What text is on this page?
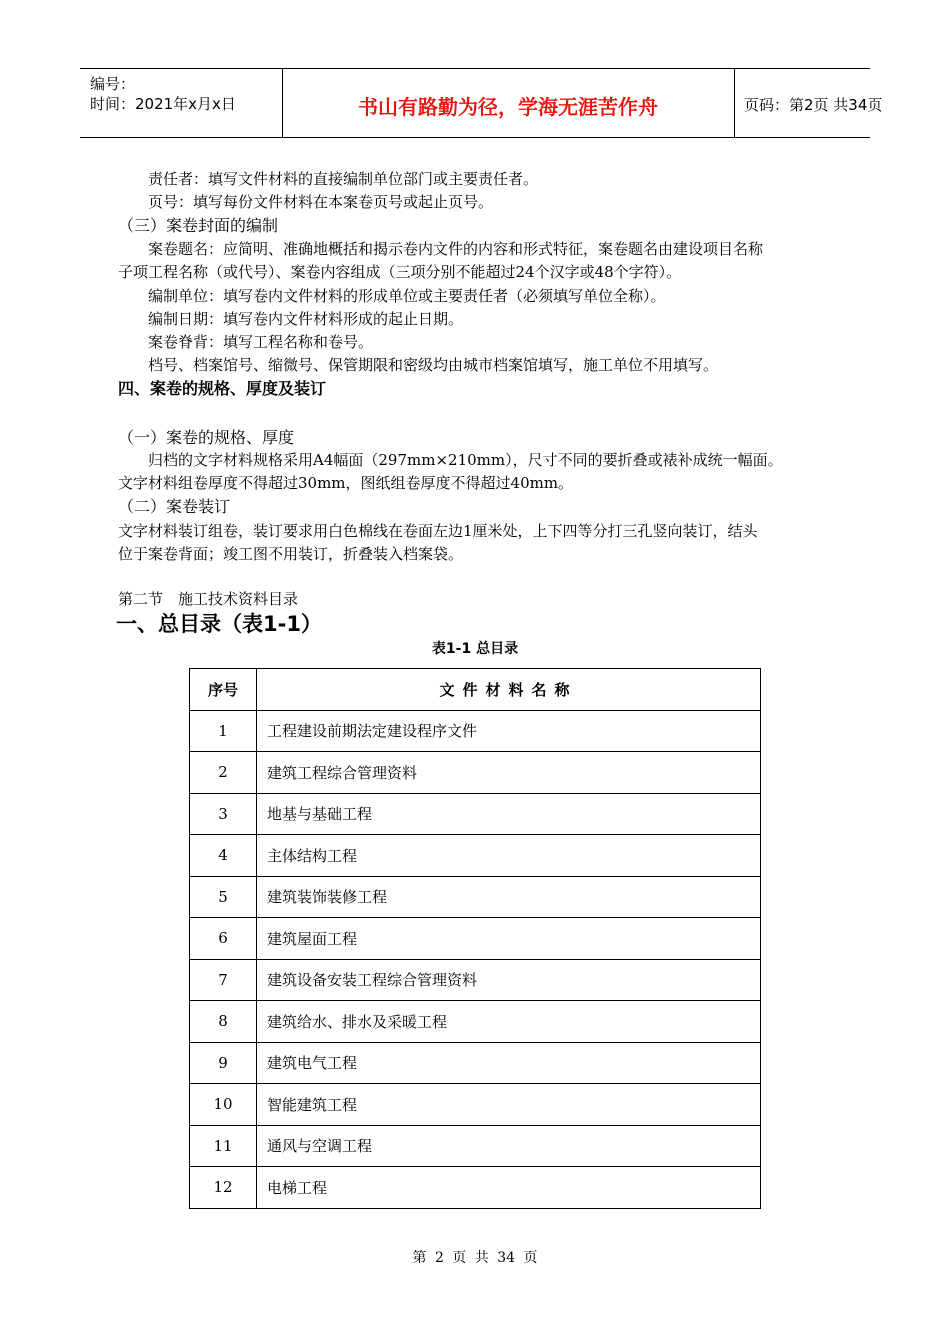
编号：
时间：2021年x月x日	书山有路勤为径，学海无涯苦作舟	页码：第2页 共34页
责任者：填写文件材料的直接编制单位部门或主要责任者。
页号：填写每份文件材料在本案卷页号或起止页号。
（三）案卷封面的编制
案卷题名：应简明、准确地概括和揭示卷内文件的内容和形式特征，案卷题名由建设项目名称
子项工程名称（或代号）、案卷内容组成（三项分别不能超过24个汉字或48个字符）。
编制单位：填写卷内文件材料的形成单位或主要责任者（必须填写单位全称）。
编制日期：填写卷内文件材料形成的起止日期。
案卷脊背：填写工程名称和卷号。
档号、档案馆号、缩微号、保管期限和密级均由城市档案馆填写，施工单位不用填写。
四、案卷的规格、厚度及装订
（一）案卷的规格、厚度
归档的文字材料规格采用A4幅面（297mm×210mm），尺寸不同的要折叠或裱补成统一幅面。
文字材料组卷厚度不得超过30mm，图纸组卷厚度不得超过40mm。
（二）案卷装订
文字材料装订组卷，装订要求用白色棉线在卷面左边1厘米处，上下四等分打三孔竖向装订，结头
位于案卷背面；竣工图不用装订，折叠装入档案袋。
第二节　施工技术资料目录
一、总目录（表1-1）
表1-1 总目录
序号	文件材料名称
1	工程建设前期法定建设程序文件
2	建筑工程综合管理资料
3	地基与基础工程
4	主体结构工程
5	建筑装饰装修工程
6	建筑屋面工程
7	建筑设备安装工程综合管理资料
8	建筑给水、排水及采暖工程
9	建筑电气工程
10	智能建筑工程
11	通风与空调工程
12	电梯工程
第 2 页 共 34 页
